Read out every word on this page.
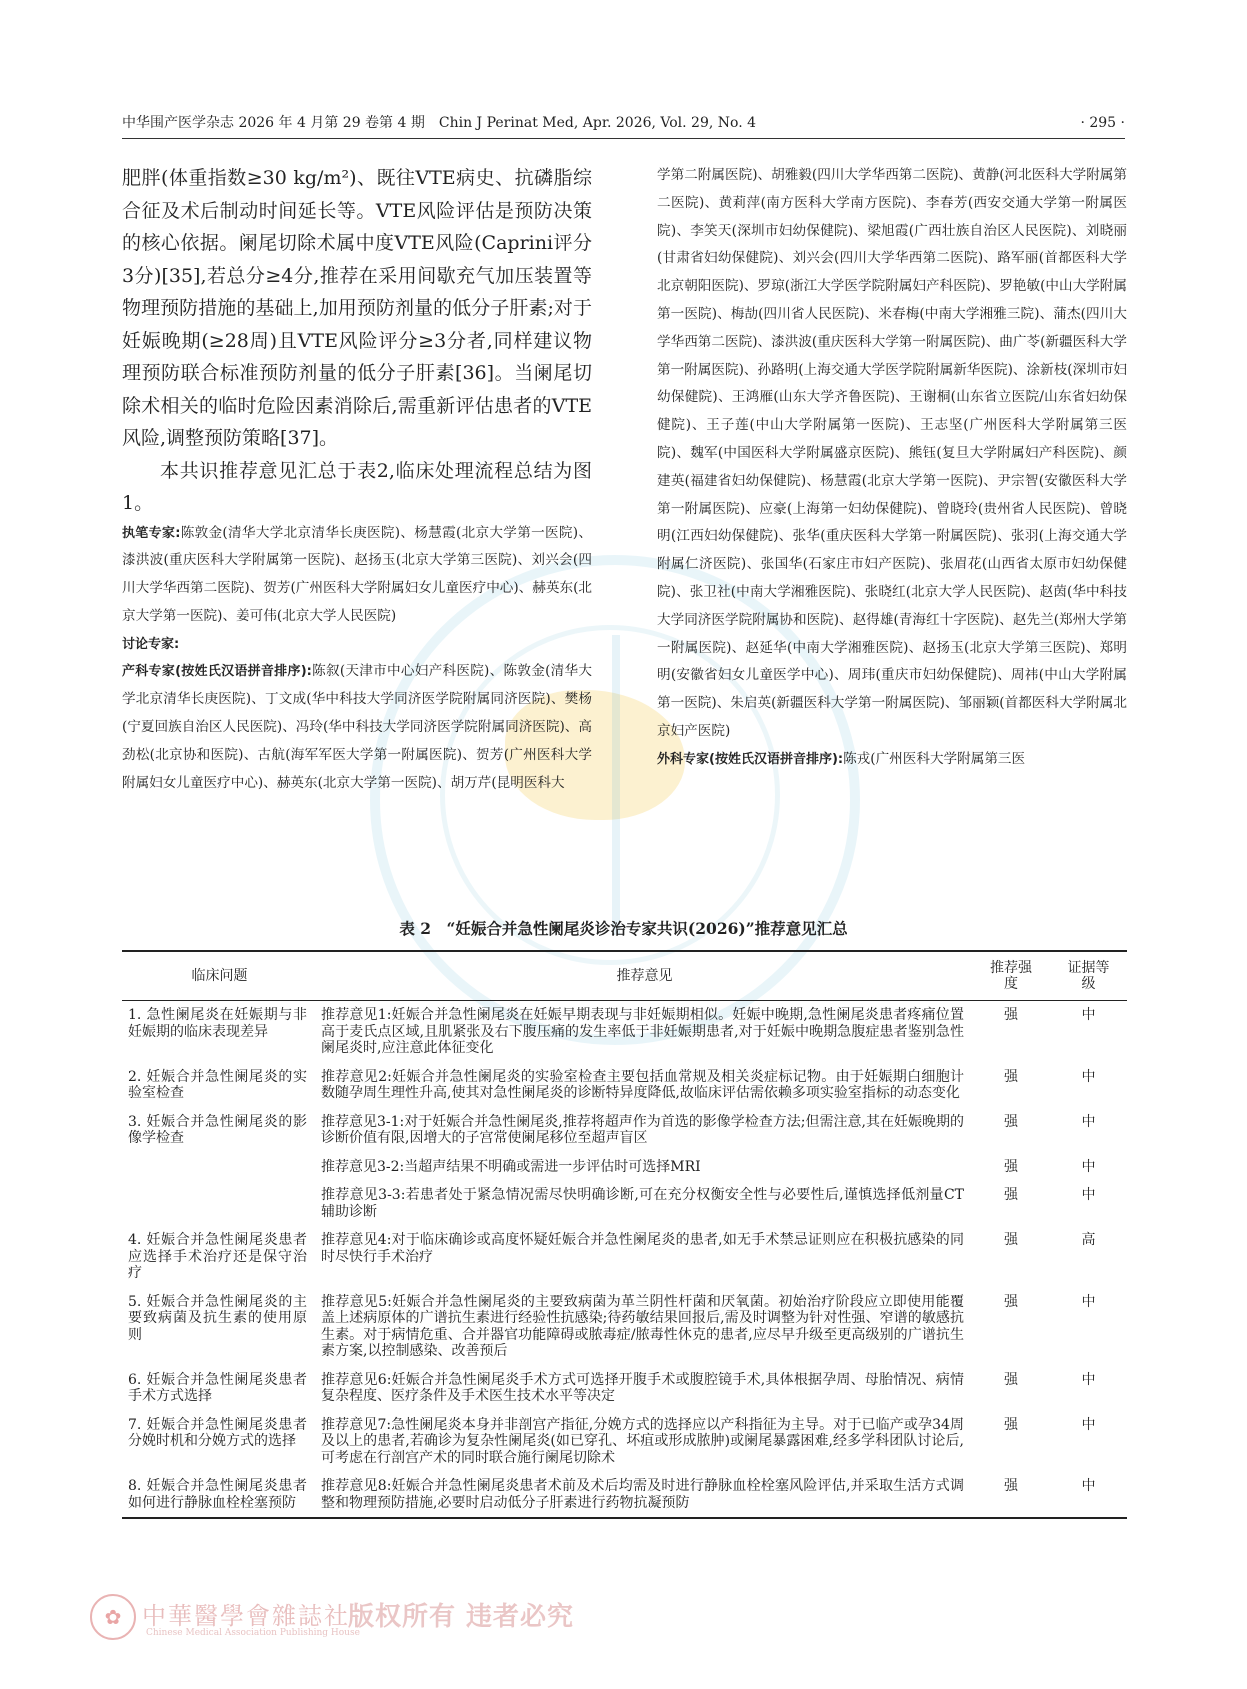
中华围产医学杂志 2026 年 4 月第 29 卷第 4 期　Chin J Perinat Med, Apr. 2026, Vol. 29, No. 4	· 295 ·

肥胖(体重指数≥30 kg/m²)、既往VTE病史、抗磷脂综合征及术后制动时间延长等。VTE风险评估是预防决策的核心依据。阑尾切除术属中度VTE风险(Caprini评分3分)[35],若总分≥4分,推荐在采用间歇充气加压装置等物理预防措施的基础上,加用预防剂量的低分子肝素;对于妊娠晚期(≥28周)且VTE风险评分≥3分者,同样建议物理预防联合标准预防剂量的低分子肝素[36]。当阑尾切除术相关的临时危险因素消除后,需重新评估患者的VTE风险,调整预防策略[37]。

本共识推荐意见汇总于表2,临床处理流程总结为图1。

执笔专家:陈敦金(清华大学北京清华长庚医院)、杨慧霞(北京大学第一医院)、漆洪波(重庆医科大学附属第一医院)、赵扬玉(北京大学第三医院)、刘兴会(四川大学华西第二医院)、贺芳(广州医科大学附属妇女儿童医疗中心)、赫英东(北京大学第一医院)、姜可伟(北京大学人民医院)

讨论专家:

产科专家(按姓氏汉语拼音排序):陈叙(天津市中心妇产科医院)、陈敦金(清华大学北京清华长庚医院)、丁文成(华中科技大学同济医学院附属同济医院)、樊杨(宁夏回族自治区人民医院)、冯玲(华中科技大学同济医学院附属同济医院)、高劲松(北京协和医院)、古航(海军军医大学第一附属医院)、贺芳(广州医科大学附属妇女儿童医疗中心)、赫英东(北京大学第一医院)、胡万芹(昆明医科大

学第二附属医院)、胡雅毅(四川大学华西第二医院)、黄静(河北医科大学附属第二医院)、黄莉萍(南方医科大学南方医院)、李春芳(西安交通大学第一附属医院)、李笑天(深圳市妇幼保健院)、梁旭霞(广西壮族自治区人民医院)、刘晓丽(甘肃省妇幼保健院)、刘兴会(四川大学华西第二医院)、路军丽(首都医科大学北京朝阳医院)、罗琼(浙江大学医学院附属妇产科医院)、罗艳敏(中山大学附属第一医院)、梅劼(四川省人民医院)、米春梅(中南大学湘雅三院)、蒲杰(四川大学华西第二医院)、漆洪波(重庆医科大学第一附属医院)、曲广苓(新疆医科大学第一附属医院)、孙路明(上海交通大学医学院附属新华医院)、涂新枝(深圳市妇幼保健院)、王鸿雁(山东大学齐鲁医院)、王谢桐(山东省立医院/山东省妇幼保健院)、王子莲(中山大学附属第一医院)、王志坚(广州医科大学附属第三医院)、魏军(中国医科大学附属盛京医院)、熊钰(复旦大学附属妇产科医院)、颜建英(福建省妇幼保健院)、杨慧霞(北京大学第一医院)、尹宗智(安徽医科大学第一附属医院)、应豪(上海第一妇幼保健院)、曾晓玲(贵州省人民医院)、曾晓明(江西妇幼保健院)、张华(重庆医科大学第一附属医院)、张羽(上海交通大学附属仁济医院)、张国华(石家庄市妇产医院)、张眉花(山西省太原市妇幼保健院)、张卫社(中南大学湘雅医院)、张晓红(北京大学人民医院)、赵茵(华中科技大学同济医学院附属协和医院)、赵得雄(青海红十字医院)、赵先兰(郑州大学第一附属医院)、赵延华(中南大学湘雅医院)、赵扬玉(北京大学第三医院)、郑明明(安徽省妇女儿童医学中心)、周玮(重庆市妇幼保健院)、周祎(中山大学附属第一医院)、朱启英(新疆医科大学第一附属医院)、邹丽颖(首都医科大学附属北京妇产医院)

外科专家(按姓氏汉语拼音排序):陈戎(广州医科大学附属第三医

表 2　“妊娠合并急性阑尾炎诊治专家共识(2026)”推荐意见汇总
临床问题	推荐意见	推荐强度	证据等级
1. 急性阑尾炎在妊娠期与非妊娠期的临床表现差异	推荐意见1:妊娠合并急性阑尾炎在妊娠早期表现与非妊娠期相似。妊娠中晚期,急性阑尾炎患者疼痛位置高于麦氏点区域,且肌紧张及右下腹压痛的发生率低于非妊娠期患者,对于妊娠中晚期急腹症患者鉴别急性阑尾炎时,应注意此体征变化	强	中
2. 妊娠合并急性阑尾炎的实验室检查	推荐意见2:妊娠合并急性阑尾炎的实验室检查主要包括血常规及相关炎症标记物。由于妊娠期白细胞计数随孕周生理性升高,使其对急性阑尾炎的诊断特异度降低,故临床评估需依赖多项实验室指标的动态变化	强	中
3. 妊娠合并急性阑尾炎的影像学检查	推荐意见3-1:对于妊娠合并急性阑尾炎,推荐将超声作为首选的影像学检查方法;但需注意,其在妊娠晚期的诊断价值有限,因增大的子宫常使阑尾移位至超声盲区	强	中
	推荐意见3-2:当超声结果不明确或需进一步评估时可选择MRI	强	中
	推荐意见3-3:若患者处于紧急情况需尽快明确诊断,可在充分权衡安全性与必要性后,谨慎选择低剂量CT辅助诊断	强	中
4. 妊娠合并急性阑尾炎患者应选择手术治疗还是保守治疗	推荐意见4:对于临床确诊或高度怀疑妊娠合并急性阑尾炎的患者,如无手术禁忌证则应在积极抗感染的同时尽快行手术治疗	强	高
5. 妊娠合并急性阑尾炎的主要致病菌及抗生素的使用原则	推荐意见5:妊娠合并急性阑尾炎的主要致病菌为革兰阴性杆菌和厌氧菌。初始治疗阶段应立即使用能覆盖上述病原体的广谱抗生素进行经验性抗感染;待药敏结果回报后,需及时调整为针对性强、窄谱的敏感抗生素。对于病情危重、合并器官功能障碍或脓毒症/脓毒性休克的患者,应尽早升级至更高级别的广谱抗生素方案,以控制感染、改善预后	强	中
6. 妊娠合并急性阑尾炎患者手术方式选择	推荐意见6:妊娠合并急性阑尾炎手术方式可选择开腹手术或腹腔镜手术,具体根据孕周、母胎情况、病情复杂程度、医疗条件及手术医生技术水平等决定	强	中
7. 妊娠合并急性阑尾炎患者分娩时机和分娩方式的选择	推荐意见7:急性阑尾炎本身并非剖宫产指征,分娩方式的选择应以产科指征为主导。对于已临产或孕34周及以上的患者,若确诊为复杂性阑尾炎(如已穿孔、坏疽或形成脓肿)或阑尾暴露困难,经多学科团队讨论后,可考虑在行剖宫产术的同时联合施行阑尾切除术	强	中
8. 妊娠合并急性阑尾炎患者如何进行静脉血栓栓塞预防	推荐意见8:妊娠合并急性阑尾炎患者术前及术后均需及时进行静脉血栓栓塞风险评估,并采取生活方式调整和物理预防措施,必要时启动低分子肝素进行药物抗凝预防	强	中
✿ 中華醫學會雜誌社
Chinese Medical Association Publishing House
版权所有 违者必究
